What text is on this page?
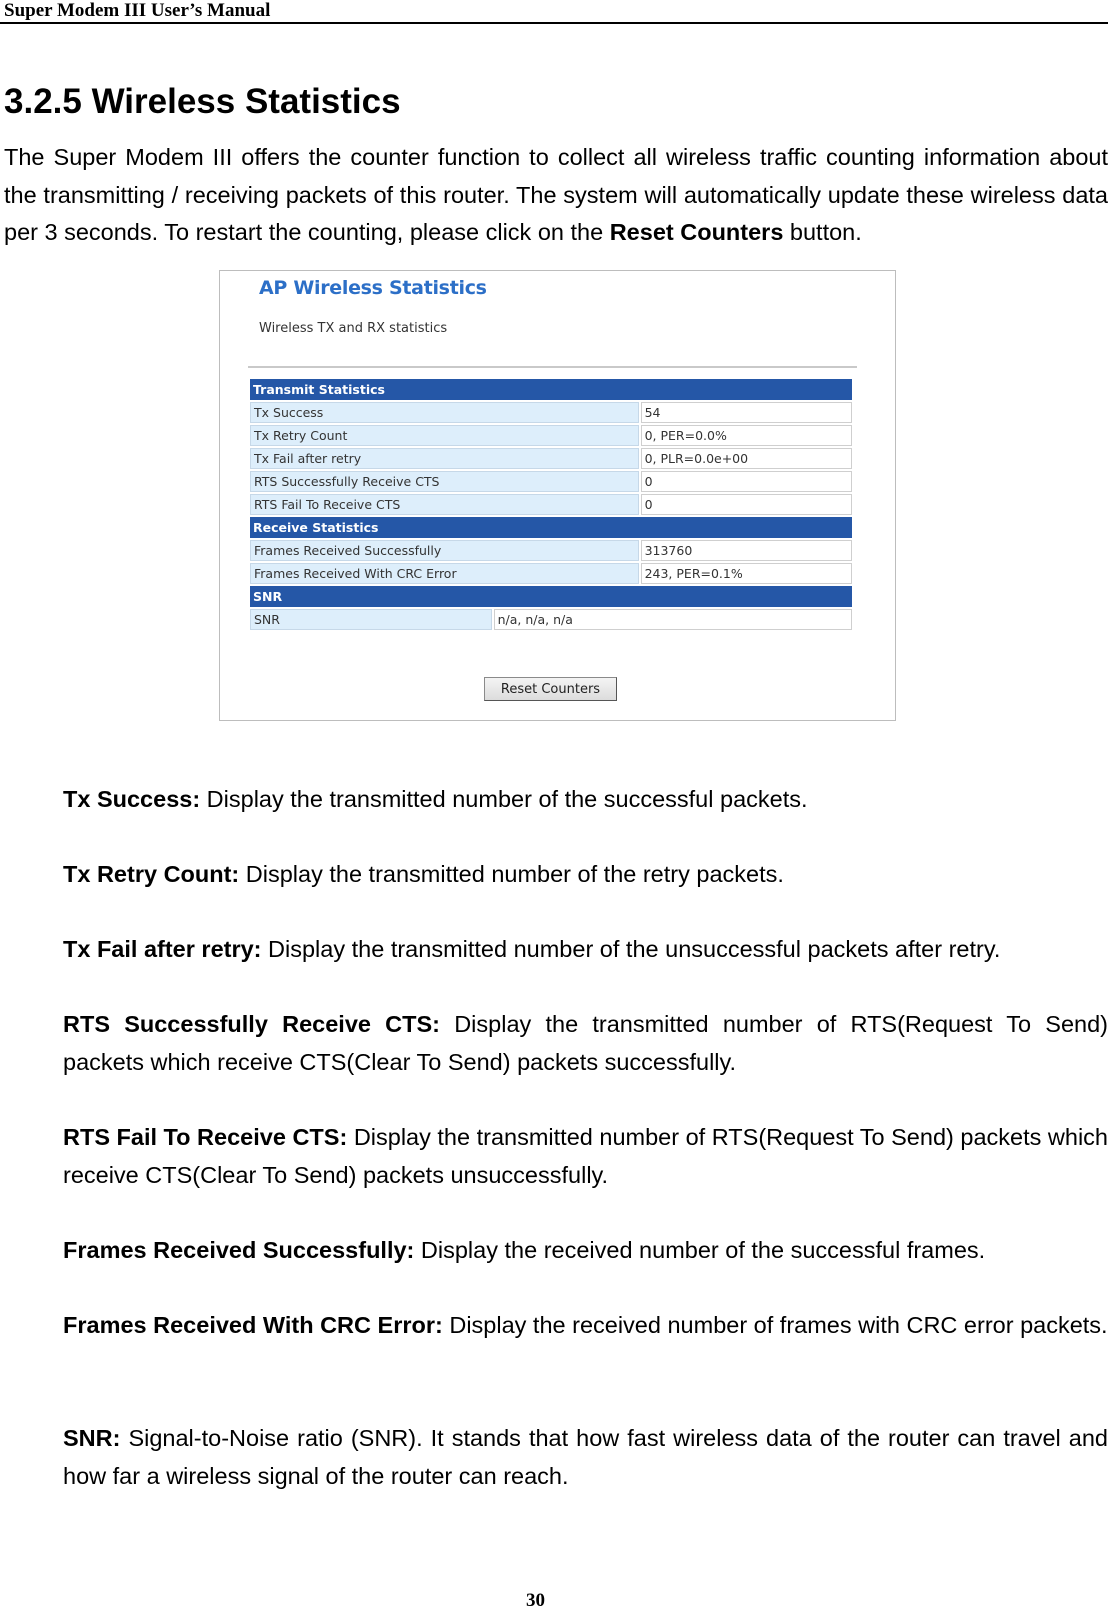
Super Modem III User’s Manual
3.2.5 Wireless Statistics

The Super Modem III offers the counter function to collect all wireless traffic counting information about the transmitting / receiving packets of this router. The system will automatically update these wireless data per 3 seconds. To restart the counting, please click on the Reset Counters button.

AP Wireless Statistics
Wireless TX and RX statistics
Transmit Statistics		
Tx Success		54
Tx Retry Count		0, PER=0.0%
Tx Fail after retry		0, PLR=0.0e+00
RTS Successfully Receive CTS		0
RTS Fail To Receive CTS		0
Receive Statistics		
Frames Received Successfully		313760
Frames Received With CRC Error		243, PER=0.1%
SNR		
SNR	n/a, n/a, n/a	
Reset Counters

Tx Success: Display the transmitted number of the successful packets.

Tx Retry Count: Display the transmitted number of the retry packets.

Tx Fail after retry: Display the transmitted number of the unsuccessful packets after retry.

RTS Successfully Receive CTS: Display the transmitted number of RTS(Request To Send) packets which receive CTS(Clear To Send) packets successfully.

RTS Fail To Receive CTS: Display the transmitted number of RTS(Request To Send) packets which receive CTS(Clear To Send) packets unsuccessfully.

Frames Received Successfully: Display the received number of the successful frames.

Frames Received With CRC Error: Display the received number of frames with CRC error packets.

SNR: Signal-to-Noise ratio (SNR). It stands that how fast wireless data of the router can travel and how far a wireless signal of the router can reach.

30
